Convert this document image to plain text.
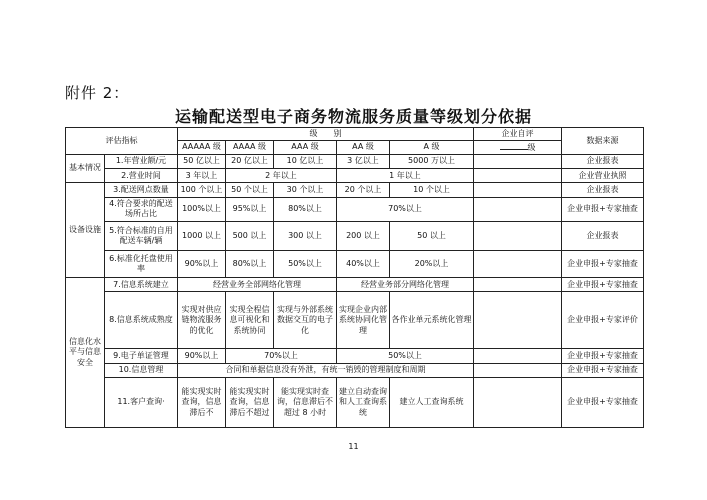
附件 2：
运输配送型电子商务物流服务质量等级划分依据
评估指标		级　　别					企业自评	数据来源
		AAAAA 级	AAAA 级	AAA 级	AA 级	A 级	级	
基本情况	1.年营业额/元	50 亿以上	20 亿以上	10 亿以上	3 亿以上	5000 万以上		企业报表
	2.营业时间	3 年以上	2 年以上		1 年以上			企业营业执照
设备设施	3.配送网点数量	100 个以上	50 个以上	30 个以上	20 个以上	10 个以上		企业报表
	4.符合要求的配送场所占比	100%以上	95%以上	80%以上	70%以上			企业申报+专家抽查
	5.符合标准的自用配送车辆/辆	1000 以上	500 以上	300 以上	200 以上	50 以上		企业报表
	6.标准化托盘使用率	90%以上	80%以上	50%以上	40%以上	20%以上		企业申报+专家抽查
信息化水平与信息安全	7.信息系统建立	经营业务全部网络化管理			经营业务部分网络化管理			企业申报+专家抽查
	8.信息系统成熟度	实现对供应链物流服务的优化	实现全程信息可视化和系统协同	实现与外部系统数据交互的电子化	实现企业内部系统协同化管理	各作业单元系统化管理		企业申报+专家评价
	9.电子单证管理	90%以上	70%以上		50%以上			企业申报+专家抽查
	10.信息管理	合同和单据信息没有外泄，有统一销毁的管理制度和周期						企业申报+专家抽查
	11.客户查询·	能实现实时查询，信息滞后不	能实现实时查询，信息滞后不超过	能实现实时查询，信息滞后不超过 8 小时	建立自动查询和人工查询系统	建立人工查询系统		企业申报+专家抽查
11
